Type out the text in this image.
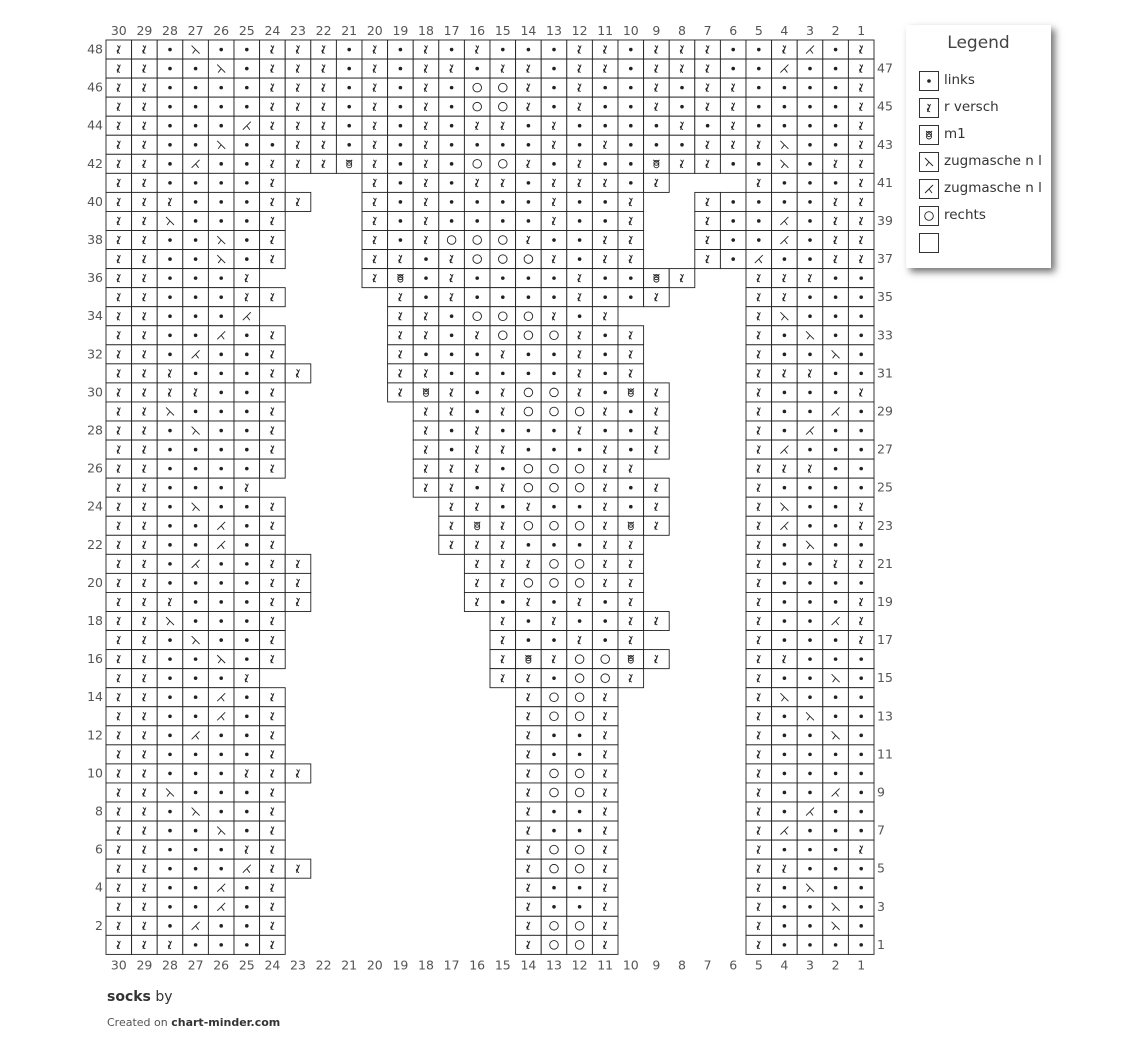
30
30
29
29
28
28
27
27
26
26
25
25
24
24
23
23
22
22
21
21
20
20
19
19
18
18
17
17
16
16
15
15
14
14
13
13
12
12
11
11
10
10
9
9
8
8
7
7
6
6
5
5
4
4
3
3
2
2
1
1
48
47
46
45
44
43
42
41
40
39
38
37
36
35
34
33
32
31
30
29
28
27
26
25
24
23
22
21
20
19
18
17
16
15
14
13
12
11
10
9
8
7
6
5
4
3
2
1
Legend
links
r versch
m1
zugmasche n l
zugmasche n l
rechts
socks by
Created on chart-minder.com
